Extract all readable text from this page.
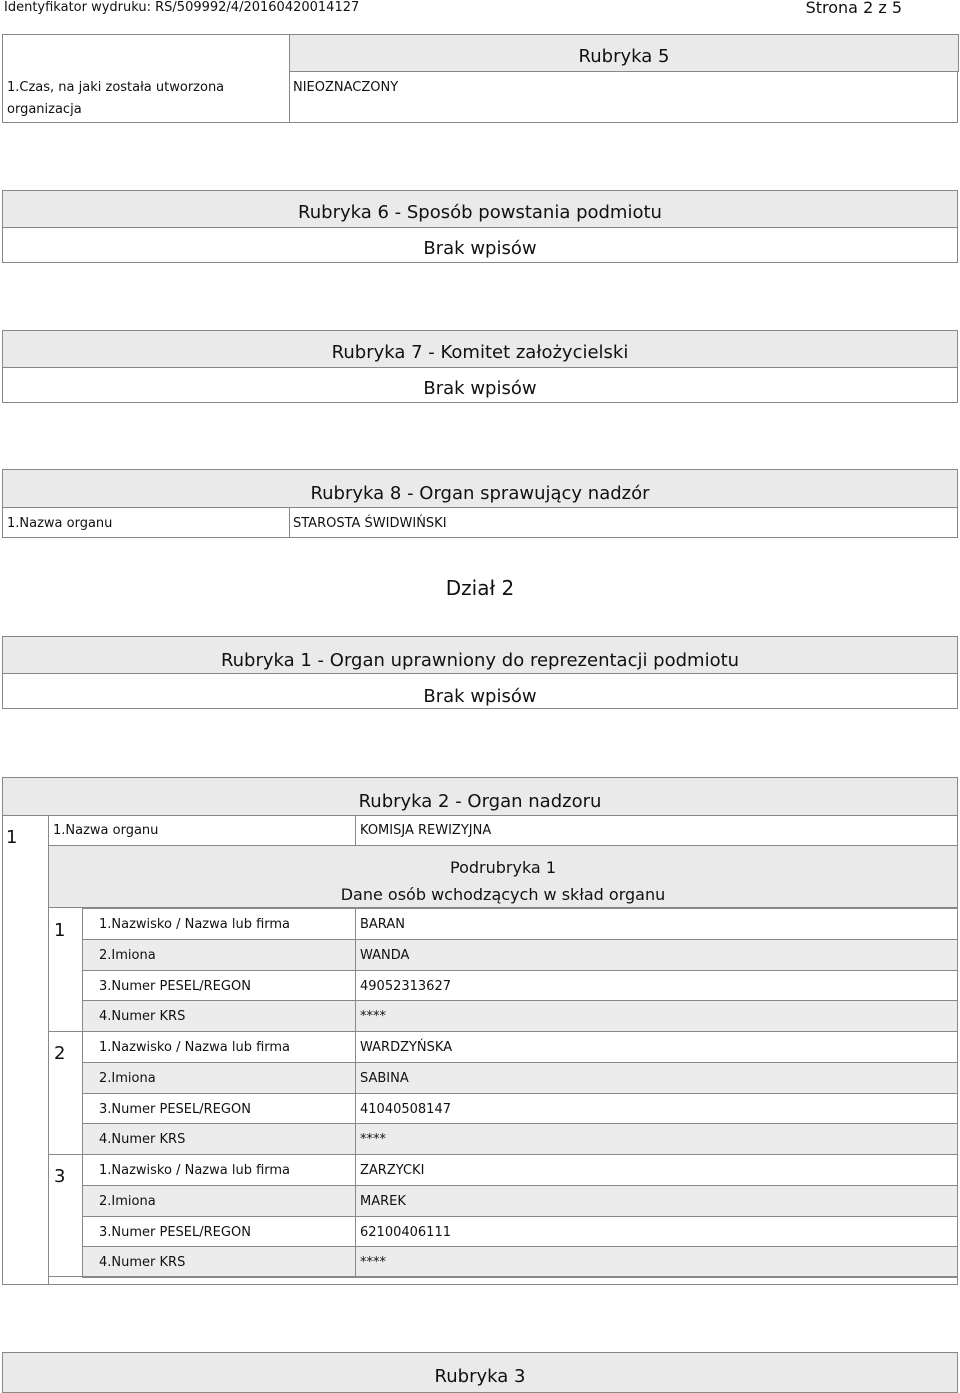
Identyfikator wydruku: RS/509992/4/20160420014127	Strona 2 z 5
Rubryka 5
1.Czas, na jaki została utworzona
organizacja
NIEOZNACZONY
Rubryka 6 - Sposób powstania podmiotu
Brak wpisów
Rubryka 7 - Komitet założycielski
Brak wpisów
Rubryka 8 - Organ sprawujący nadzór
1.Nazwa organu	STAROSTA ŚWIDWIŃSKI
Dział 2
Rubryka 1 - Organ uprawniony do reprezentacji podmiotu
Brak wpisów
Rubryka 2 - Organ nadzoru
1	1.Nazwa organu	KOMISJA REWIZYJNA
Podrubryka 1
Dane osób wchodzących w skład organu
1	1.Nazwisko / Nazwa lub firma	BARAN
2.Imiona	WANDA
3.Numer PESEL/REGON	49052313627
4.Numer KRS	****
2	1.Nazwisko / Nazwa lub firma	WARDZYŃSKA
2.Imiona	SABINA
3.Numer PESEL/REGON	41040508147
4.Numer KRS	****
3	1.Nazwisko / Nazwa lub firma	ZARZYCKI
2.Imiona	MAREK
3.Numer PESEL/REGON	62100406111
4.Numer KRS	****
Rubryka 3
